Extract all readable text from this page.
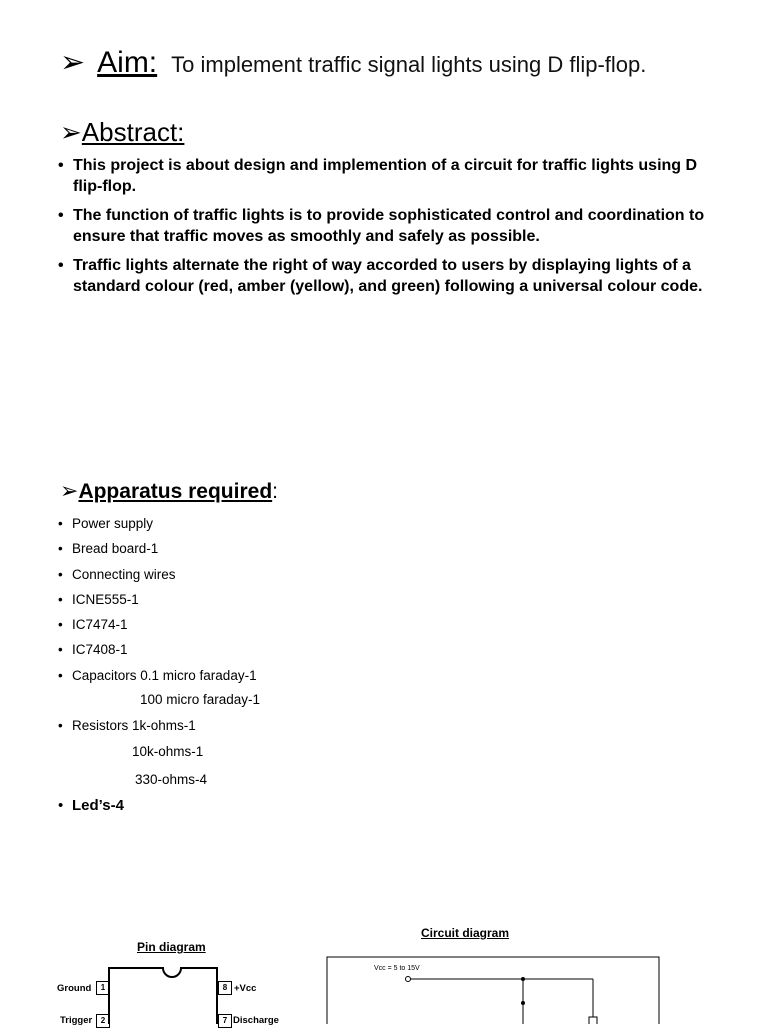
➢ Aim: To implement traffic signal lights using D flip-flop.
➢ Abstract:
• This project is about design and implemention of a circuit for traffic lights using D flip-flop.
• The function of traffic lights is to provide sophisticated control and coordination to ensure that traffic moves as smoothly and safely as possible.
• Traffic lights alternate the right of way accorded to users by displaying lights of a standard colour (red, amber (yellow), and green) following a universal colour code.
➢ Apparatus required :
• Power supply
• Bread board-1
• Connecting wires
• ICNE555-1
• IC7474-1
• IC7408-1
• Capacitors 0.1 micro faraday-1
100 micro faraday-1
• Resistors 1k-ohms-1
10k-ohms-1
330-ohms-4
• Led’s-4
Pin diagram
Ground	1
Trigger	2
8 +Vcc
7 Discharge
Circuit diagram
Vcc = 5 to 15V
